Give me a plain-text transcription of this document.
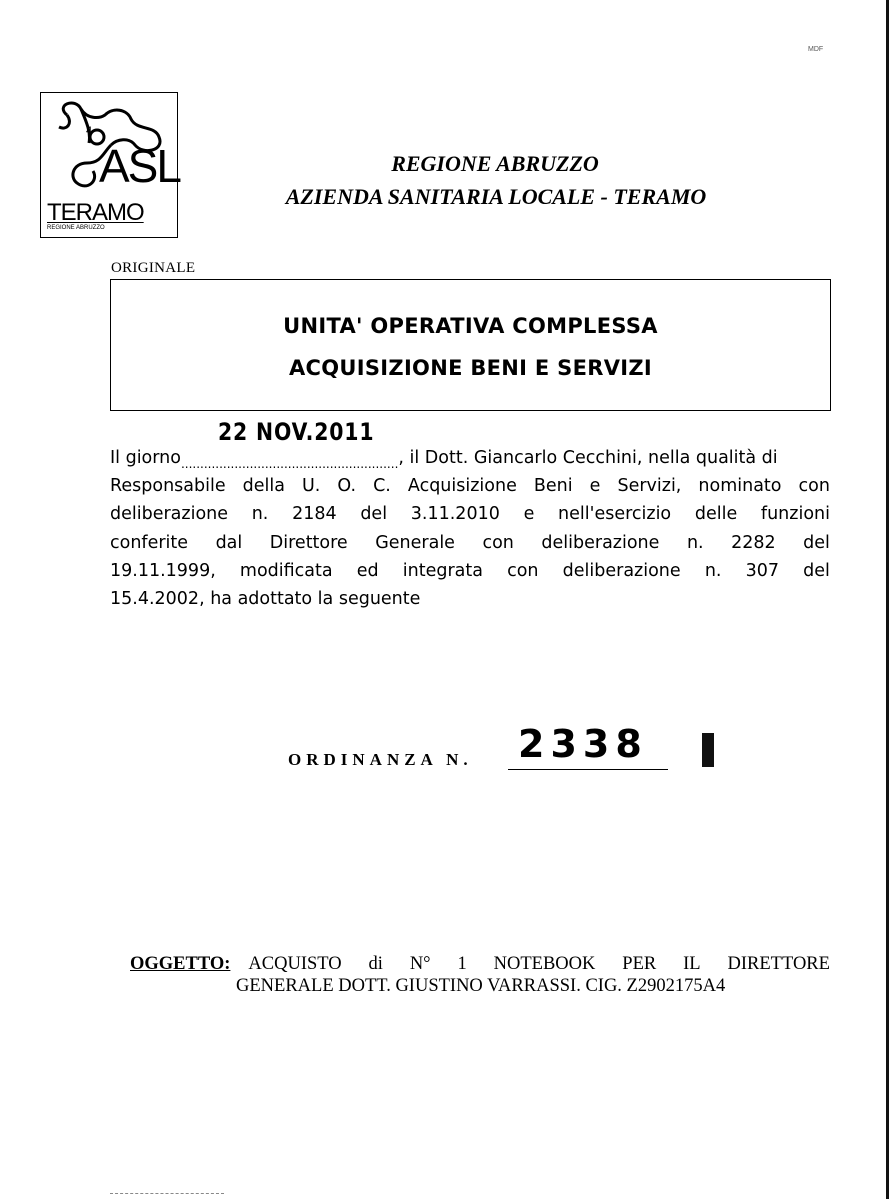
MDF
4
ASL
TERAMO
REGIONE ABRUZZO
REGIONE ABRUZZO
AZIENDA SANITARIA LOCALE - TERAMO
ORIGINALE
UNITA' OPERATIVA COMPLESSA
ACQUISIZIONE BENI E SERVIZI
22 NOV.2011
Il giorno ......................................................... , il Dott. Giancarlo Cecchini, nella qualità di
Responsabile della U. O. C. Acquisizione Beni e Servizi, nominato con
deliberazione n. 2184 del 3.11.2010 e nell'esercizio delle funzioni
conferite dal Direttore Generale con deliberazione n. 2282 del
19.11.1999, modificata ed integrata con deliberazione n. 307 del
15.4.2002, ha adottato la seguente
ORDINANZA N. 2338
OGGETTO: ACQUISTO di N° 1 NOTEBOOK PER IL DIRETTORE
GENERALE DOTT. GIUSTINO VARRASSI. CIG. Z2902175A4
